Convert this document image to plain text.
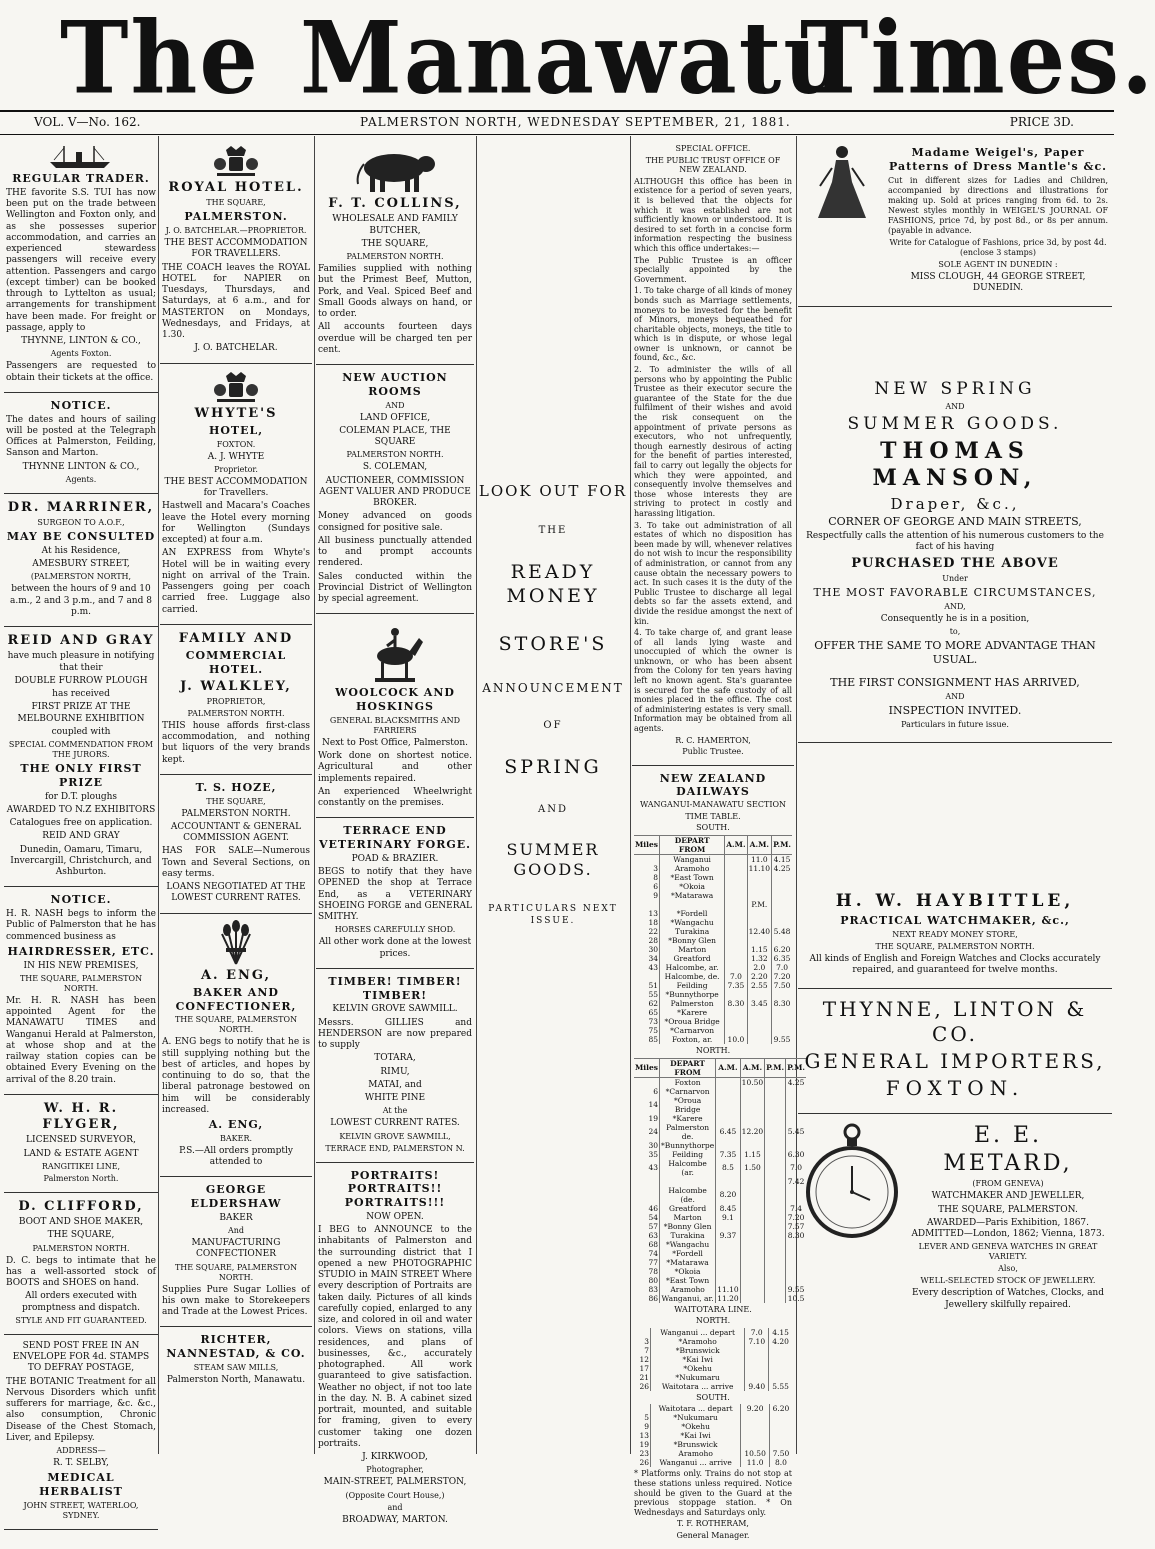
The Manawatu
Times.
VOL. V—No. 162.	PALMERSTON NORTH, WEDNESDAY SEPTEMBER, 21, 1881.	PRICE 3D.

REGULAR TRADER.

THE favorite S.S. TUI has now been put on the trade between Wellington and Foxton only, and as she possesses superior accommodation, and carries an experienced stewardess passengers will receive every attention. Passengers and cargo (except timber) can be booked through to Lyttelton as usual; arrangements for transhipment have been made. For freight or passage, apply to

THYNNE, LINTON & CO.,

Agents Foxton.

Passengers are requested to obtain their tickets at the office.

NOTICE.

The dates and hours of sailing will be posted at the Telegraph Offices at Palmerston, Feilding, Sanson and Marton.

THYNNE LINTON & CO.,

Agents.

DR. MARRINER,

SURGEON TO A.O.F.,

MAY BE CONSULTED

At his Residence,

AMESBURY STREET,

(PALMERSTON NORTH,

between the hours of 9 and 10 a.m., 2 and 3 p.m., and 7 and 8 p.m.

REID AND GRAY

have much pleasure in notifying that their

DOUBLE FURROW PLOUGH

has received

FIRST PRIZE AT THE MELBOURNE EXHIBITION

coupled with

SPECIAL COMMENDATION FROM THE JURORS.

THE ONLY FIRST PRIZE

for D.T. ploughs

AWARDED TO N.Z EXHIBITORS

Catalogues free on application.

REID AND GRAY

Dunedin, Oamaru, Timaru, Invercargill, Christchurch, and Ashburton.

NOTICE.

H. R. NASH begs to inform the Public of Palmerston that he has commenced business as

HAIRDRESSER, ETC.

IN HIS NEW PREMISES,

THE SQUARE, PALMERSTON NORTH.

Mr. H. R. NASH has been appointed Agent for the MANAWATU TIMES and Wanganui Herald at Palmerston, at whose shop and at the railway station copies can be obtained Every Evening on the arrival of the 8.20 train.

W. H. R. FLYGER,

LICENSED SURVEYOR,

LAND & ESTATE AGENT

RANGITIKEI LINE,

Palmerston North.

D. CLIFFORD,

BOOT AND SHOE MAKER,

THE SQUARE,

PALMERSTON NORTH.

D. C. begs to intimate that he has a well-assorted stock of BOOTS and SHOES on hand.

All orders executed with promptness and dispatch.

STYLE AND FIT GUARANTEED.

SEND POST FREE IN AN ENVELOPE FOR 4d. STAMPS TO DEFRAY POSTAGE,

THE BOTANIC Treatment for all Nervous Disorders which unfit sufferers for marriage, &c. &c., also consumption, Chronic Disease of the Chest Stomach, Liver, and Epilepsy.

ADDRESS—

R. T. SELBY,

MEDICAL HERBALIST

JOHN STREET, WATERLOO, SYDNEY.

ROYAL HOTEL.

THE SQUARE,

PALMERSTON.

J. O. BATCHELAR.—PROPRIETOR.

THE BEST ACCOMMODATION FOR TRAVELLERS.

THE COACH leaves the ROYAL HOTEL for NAPIER on Tuesdays, Thursdays, and Saturdays, at 6 a.m., and for MASTERTON on Mondays, Wednesdays, and Fridays, at 1.30.

J. O. BATCHELAR.

WHYTE'S

HOTEL,

FOXTON.

A. J. WHYTE

Proprietor.

THE BEST ACCOMMODATION for Travellers.

Hastwell and Macara's Coaches leave the Hotel every morning for Wellington (Sundays excepted) at four a.m.

AN EXPRESS from Whyte's Hotel will be in waiting every night on arrival of the Train. Passengers going per coach carried free. Luggage also carried.

FAMILY AND

COMMERCIAL HOTEL.

J. WALKLEY,

PROPRIETOR,

PALMERSTON NORTH.

THIS house affords first-class accommodation, and nothing but liquors of the very brands kept.

T. S. HOZE,

THE SQUARE,

PALMERSTON NORTH.

ACCOUNTANT & GENERAL COMMISSION AGENT.

HAS FOR SALE—Numerous Town and Several Sections, on easy terms.

LOANS NEGOTIATED AT THE LOWEST CURRENT RATES.

A. ENG,

BAKER AND CONFECTIONER,

THE SQUARE, PALMERSTON NORTH.

A. ENG begs to notify that he is still supplying nothing but the best of articles, and hopes by continuing to do so, that the liberal patronage bestowed on him will be considerably increased.

A. ENG,

BAKER.

P.S.—All orders promptly attended to

GEORGE ELDERSHAW

BAKER

And

MANUFACTURING CONFECTIONER

THE SQUARE, PALMERSTON NORTH.

Supplies Pure Sugar Lollies of his own make to Storekeepers and Trade at the Lowest Prices.

RICHTER, NANNESTAD, & CO.

STEAM SAW MILLS,

Palmerston North, Manawatu.

F. T. COLLINS,

WHOLESALE AND FAMILY BUTCHER,

THE SQUARE,

PALMERSTON NORTH.

Families supplied with nothing but the Primest Beef, Mutton, Pork, and Veal. Spiced Beef and Small Goods always on hand, or to order.

All accounts fourteen days overdue will be charged ten per cent.

NEW AUCTION ROOMS

AND

LAND OFFICE,

COLEMAN PLACE, THE SQUARE

PALMERSTON NORTH.

S. COLEMAN,

AUCTIONEER, COMMISSION AGENT VALUER AND PRODUCE BROKER.

Money advanced on goods consigned for positive sale.

All business punctually attended to and prompt accounts rendered.

Sales conducted within the Provincial District of Wellington by special agreement.

WOOLCOCK AND HOSKINGS

GENERAL BLACKSMITHS AND FARRIERS

Next to Post Office, Palmerston.

Work done on shortest notice. Agricultural and other implements repaired.

An experienced Wheelwright constantly on the premises.

TERRACE END VETERINARY FORGE.

POAD & BRAZIER.

BEGS to notify that they have OPENED the shop at Terrace End, as a VETERINARY SHOEING FORGE and GENERAL SMITHY.

HORSES CAREFULLY SHOD.

All other work done at the lowest prices.

TIMBER! TIMBER! TIMBER!

KELVIN GROVE SAWMILL.

Messrs. GILLIES and HENDERSON are now prepared to supply

TOTARA,

RIMU,

MATAI, and

WHITE PINE

At the

LOWEST CURRENT RATES.

KELVIN GROVE SAWMILL,

TERRACE END, PALMERSTON N.

PORTRAITS! PORTRAITS!! PORTRAITS!!!

NOW OPEN.

I BEG to ANNOUNCE to the inhabitants of Palmerston and the surrounding district that I opened a new PHOTOGRAPHIC STUDIO in MAIN STREET Where every description of Portraits are taken daily. Pictures of all kinds carefully copied, enlarged to any size, and colored in oil and water colors. Views on stations, villa residences, and plans of businesses, &c., accurately photographed. All work guaranteed to give satisfaction. Weather no object, if not too late in the day. N. B. A cabinet sized portrait, mounted, and suitable for framing, given to every customer taking one dozen portraits.

J. KIRKWOOD,

Photographer,

MAIN-STREET, PALMERSTON,

(Opposite Court House,)

and

BROADWAY, MARTON.

LOOK OUT FOR

THE

READY MONEY

STORE'S

ANNOUNCEMENT

OF

SPRING

AND

SUMMER GOODS.

PARTICULARS NEXT ISSUE.

SPECIAL OFFICE.

THE PUBLIC TRUST OFFICE OF NEW ZEALAND.

ALTHOUGH this office has been in existence for a period of seven years, it is believed that the objects for which it was established are not sufficiently known or understood. It is desired to set forth in a concise form information respecting the business which this office undertakes:—

The Public Trustee is an officer specially appointed by the Government.

1. To take charge of all kinds of money bonds such as Marriage settlements, moneys to be invested for the benefit of Minors, moneys bequeathed for charitable objects, moneys, the title to which is in dispute, or whose legal owner is unknown, or cannot be found, &c., &c.

2. To administer the wills of all persons who by appointing the Public Trustee as their executor secure the guarantee of the State for the due fulfilment of their wishes and avoid the risk consequent on the appointment of private persons as executors, who not unfrequently, though earnestly desirous of acting for the benefit of parties interested, fail to carry out legally the objects for which they were appointed, and consequently involve themselves and those whose interests they are striving to protect in costly and harassing litigation.

3. To take out administration of all estates of which no disposition has been made by will, whenever relatives do not wish to incur the responsibility of administration, or cannot from any cause obtain the necessary powers to act. In such cases it is the duty of the Public Trustee to discharge all legal debts so far the assets extend, and divide the residue amongst the next of kin.

4. To take charge of, and grant lease of all lands lying waste and unoccupied of which the owner is unknown, or who has been absent from the Colony for ten years having left no known agent. Sta's guarantee is secured for the safe custody of all monies placed in the office. The cost of administering estates is very small. Information may be obtained from all agents.

R. C. HAMERTON,

Public Trustee.

NEW ZEALAND DAILWAYS

WANGANUI-MANAWATU SECTION

TIME TABLE.

SOUTH.

Miles	DEPART FROM	A.M.	A.M.	P.M.
	Wanganui		11.0	4.15
3	Aramoho		11.10	4.25
8	*East Town			
6	*Okoia			
9	*Matarawa			
			P.M.	
13	*Fordell			
18	*Wangachu			
22	Turakina		12.40	5.48
28	*Bonny Glen			
30	Marton		1.15	6.20
34	Greatford		1.32	6.35
43	Halcombe, ar.		2.0	7.0
	Halcombe, de.	7.0	2.20	7.20
51	Feilding	7.35	2.55	7.50
55	*Bunnythorpe			
62	Palmerston	8.30	3.45	8.30
65	*Karere			
73	*Oroua Bridge			
75	*Carnarvon			
85	Foxton, ar.	10.0		9.55

NORTH.

Miles	DEPART FROM	A.M.	A.M.	P.M.	P.M.
	Foxton		10.50		4.25
6	*Carnarvon				
14	*Oroua Bridge				
19	*Karere				
24	Palmerston de.	6.45	12.20		5.45
30	*Bunnythorpe				
35	Feilding	7.35	1.15		6.30
43	Halcombe (ar.	8.5	1.50		7.0
					7.42
	Halcombe (de.	8.20			
46	Greatford	8.45			7.4
54	Marton	9.1			7.20
57	*Bonny Glen				7.57
63	Turakina	9.37			8.30
68	*Wangachu				
74	*Fordell				
77	*Matarawa				
78	*Okoia				
80	*East Town				
83	Aramoho	11.10			9.55
86	Wanganui, ar.	11.20			10.5

WAITOTARA LINE.

NORTH.

	Wanganui ... depart	7.0	4.15
3	*Aramoho	7.10	4.20
7	*Brunswick		
12	*Kai Iwi		
17	*Okehu		
21	*Nukumaru		
26	Waitotara ... arrive	9.40	5.55

SOUTH.

	Waitotara ... depart	9.20	6.20
5	*Nukumaru		
9	*Okehu		
13	*Kai Iwi		
19	*Brunswick		
23	Aramoho	10.50	7.50
26	Wanganui ... arrive	11.0	8.0

* Platforms only. Trains do not stop at these stations unless required. Notice should be given to the Guard at the previous stoppage station. * On Wednesdays and Saturdays only.

T. F. ROTHERAM,

General Manager.

Madame Weigel's, Paper Patterns of Dress Mantle's &c.

Cut in different sizes for Ladies and Children, accompanied by directions and illustrations for making up. Sold at prices ranging from 6d. to 2s. Newest styles monthly in WEIGEL'S JOURNAL OF FASHIONS, price 7d, by post 8d., or 8s per annum. (payable in advance.

Write for Catalogue of Fashions, price 3d, by post 4d. (enclose 3 stamps)

SOLE AGENT IN DUNEDIN :

MISS CLOUGH, 44 GEORGE STREET, DUNEDIN.

NEW SPRING

AND

SUMMER GOODS.

THOMAS MANSON,

Draper, &c.,

CORNER OF GEORGE AND MAIN STREETS,

Respectfully calls the attention of his numerous customers to the fact of his having

PURCHASED THE ABOVE

Under

THE MOST FAVORABLE CIRCUMSTANCES,

AND,

Consequently he is in a position,

to,

OFFER THE SAME TO MORE ADVANTAGE THAN USUAL.

THE FIRST CONSIGNMENT HAS ARRIVED,

AND

INSPECTION INVITED.

Particulars in future issue.

H. W. HAYBITTLE,

PRACTICAL WATCHMAKER, &c.,

NEXT READY MONEY STORE,

THE SQUARE, PALMERSTON NORTH.

All kinds of English and Foreign Watches and Clocks accurately repaired, and guaranteed for twelve months.

THYNNE, LINTON & CO.

GENERAL IMPORTERS,

FOXTON.

E. E. METARD,

(FROM GENEVA)

WATCHMAKER AND JEWELLER,

THE SQUARE, PALMERSTON.

AWARDED—Paris Exhibition, 1867. ADMITTED—London, 1862; Vienna, 1873.

LEVER AND GENEVA WATCHES IN GREAT VARIETY.

Also,

WELL-SELECTED STOCK OF JEWELLERY.

Every description of Watches, Clocks, and Jewellery skilfully repaired.
